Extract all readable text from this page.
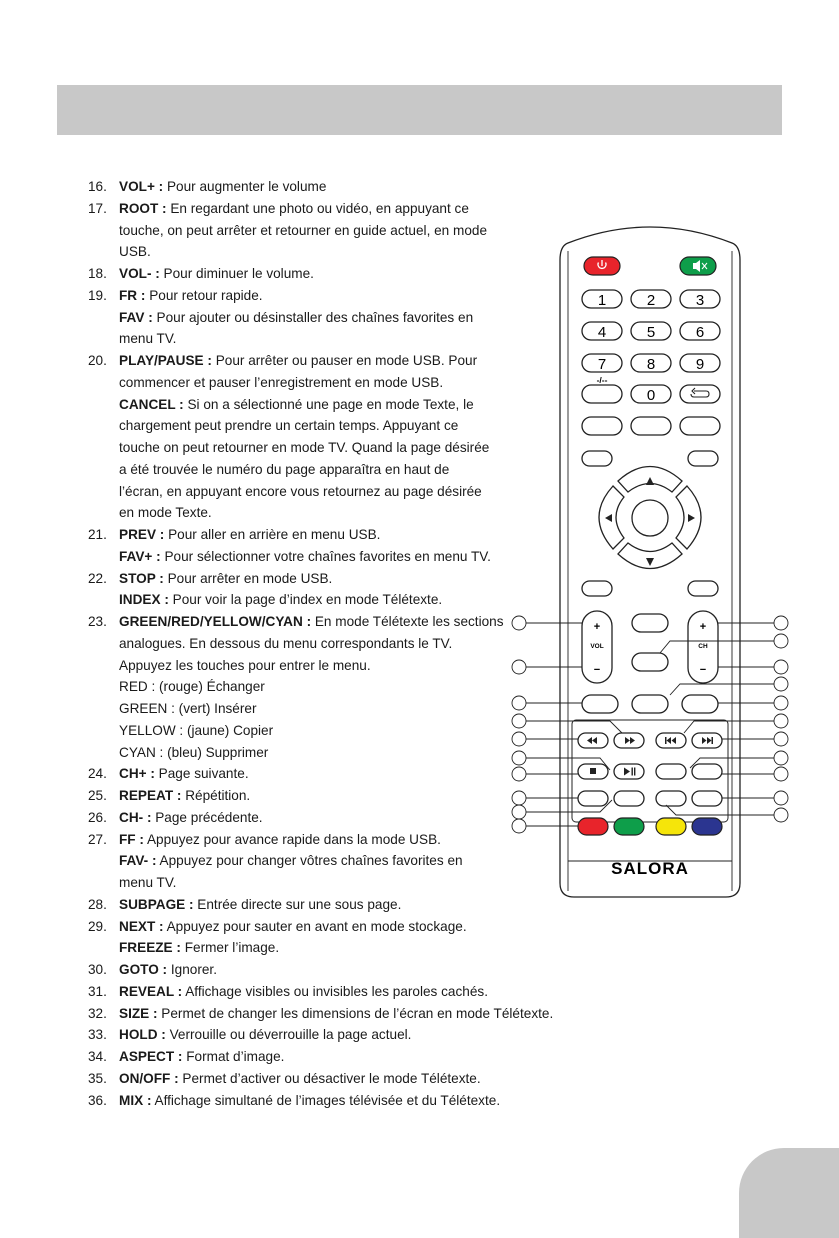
16. VOL+ : Pour augmenter le volume
17. ROOT : En regardant une photo ou vidéo, en appuyant ce
touche, on peut arrêter et retourner en guide actuel, en mode
USB.
18. VOL- : Pour diminuer le volume.
19. FR : Pour retour rapide.
FAV : Pour ajouter ou désinstaller des chaînes favorites en
menu TV.
20. PLAY/PAUSE : Pour arrêter ou pauser en mode USB. Pour
commencer et pauser l’enregistrement en mode USB.
CANCEL : Si on a sélectionné une page en mode Texte, le
chargement peut prendre un certain temps. Appuyant ce
touche on peut retourner en mode TV. Quand la page désirée
a été trouvée le numéro du page apparaîtra en haut de
l’écran, en appuyant encore vous retournez au page désirée
en mode Texte.
21. PREV : Pour aller en arrière en menu USB.
FAV+ : Pour sélectionner votre chaînes favorites en menu TV.
22. STOP : Pour arrêter en mode USB.
INDEX : Pour voir la page d’index en mode Télétexte.
23. GREEN/RED/YELLOW/CYAN : En mode Télétexte les sections
analogues. En dessous du menu correspondants le TV.
Appuyez les touches pour entrer le menu.
RED : (rouge) Échanger
GREEN : (vert) Insérer
YELLOW : (jaune) Copier
CYAN : (bleu) Supprimer
24. CH+ : Page suivante.
25. REPEAT : Répétition.
26. CH- : Page précédente.
27. FF : Appuyez pour avance rapide dans la mode USB.
FAV- : Appuyez pour changer vôtres chaînes favorites en
menu TV.
28. SUBPAGE : Entrée directe sur une sous page.
29. NEXT : Appuyez pour sauter en avant en mode stockage.
FREEZE : Fermer l’image.
30. GOTO : Ignorer.
31. REVEAL : Affichage visibles ou invisibles les paroles cachés.
32. SIZE : Permet de changer les dimensions de l’écran en mode Télétexte.
33. HOLD : Verrouille ou déverrouille la page actuel.
34. ASPECT : Format d’image.
35. ON/OFF : Permet d’activer ou désactiver le mode Télétexte.
36. MIX : Affichage simultané de l’images télévisée et du Télétexte.
1	2	3
4	5	6
7	8	9
-/--
0
+
VOL
−
+
CH
−
SALORA
